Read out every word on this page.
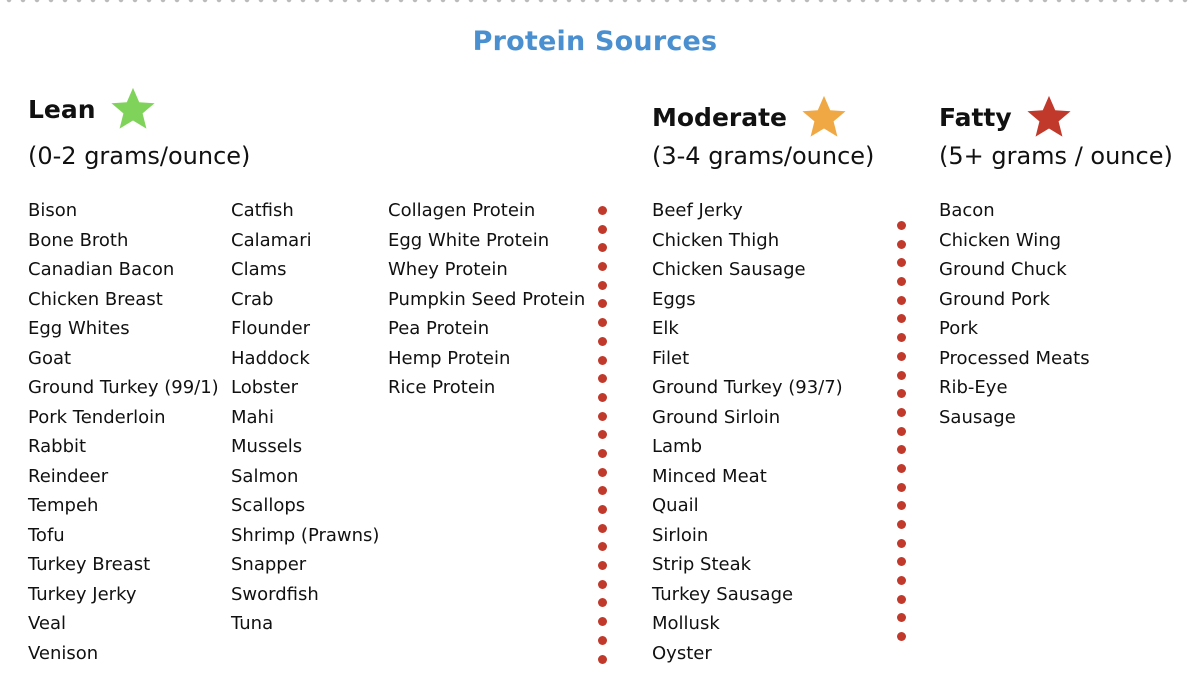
Protein Sources
Lean
(0-2 grams/ounce)
Moderate
(3-4 grams/ounce)
Fatty
(5+ grams / ounce)
Bison
Bone Broth
Canadian Bacon
Chicken Breast
Egg Whites
Goat
Ground Turkey (99/1)
Pork Tenderloin
Rabbit
Reindeer
Tempeh
Tofu
Turkey Breast
Turkey Jerky
Veal
Venison
Catfish
Calamari
Clams
Crab
Flounder
Haddock
Lobster
Mahi
Mussels
Salmon
Scallops
Shrimp (Prawns)
Snapper
Swordfish
Tuna
Collagen Protein
Egg White Protein
Whey Protein
Pumpkin Seed Protein
Pea Protein
Hemp Protein
Rice Protein
Beef Jerky
Chicken Thigh
Chicken Sausage
Eggs
Elk
Filet
Ground Turkey (93/7)
Ground Sirloin
Lamb
Minced Meat
Quail
Sirloin
Strip Steak
Turkey Sausage
Mollusk
Oyster
Bacon
Chicken Wing
Ground Chuck
Ground Pork
Pork
Processed Meats
Rib-Eye
Sausage
